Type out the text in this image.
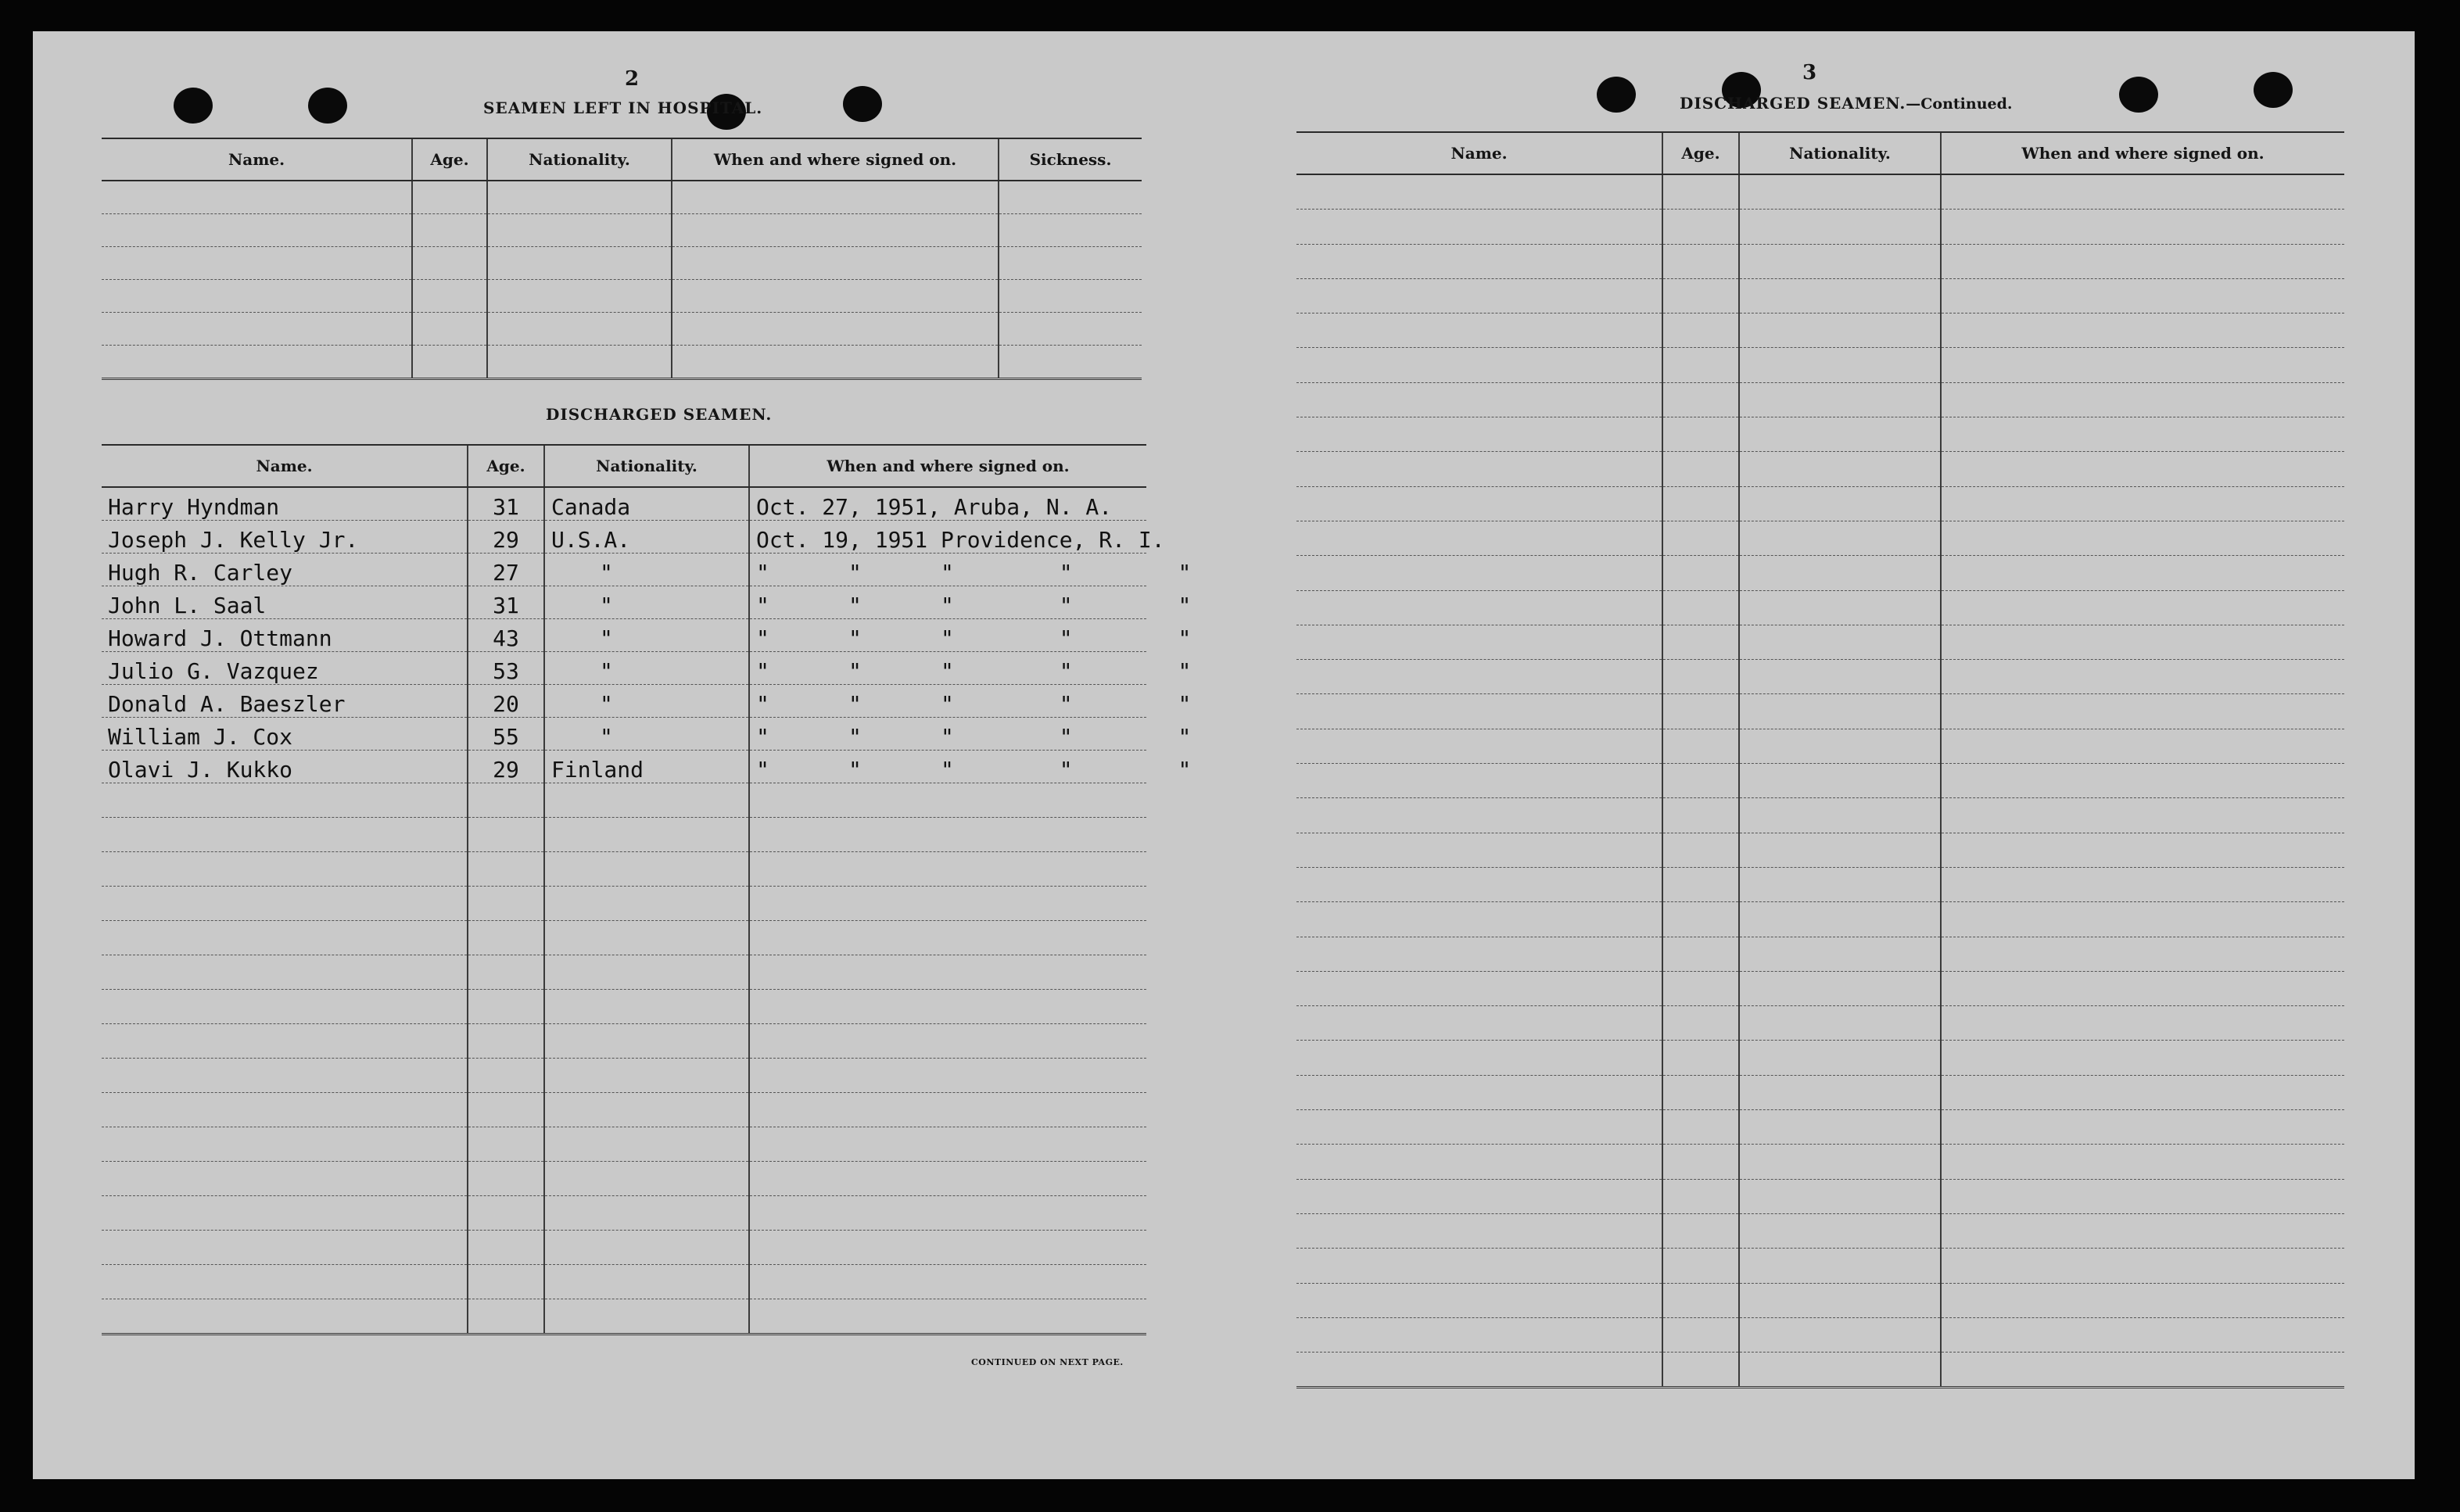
2
SEAMEN LEFT IN HOSPITAL.
Name.	Age.	Nationality.	When and where signed on.	Sickness.

DISCHARGED SEAMEN.
Name.	Age.	Nationality.	When and where signed on.
Harry Hyndman	31	Canada	Oct. 27, 1951, Aruba, N. A.
Joseph J. Kelly Jr.	29	U.S.A.	Oct. 19, 1951 Providence, R. I.
Hugh R. Carley	27	"	"      "      "        "        "
John L. Saal	31	"	"      "      "        "        "
Howard J. Ottmann	43	"	"      "      "        "        "
Julio G. Vazquez	53	"	"      "      "        "        "
Donald A. Baeszler	20	"	"      "      "        "        "
William J. Cox	55	"	"      "      "        "        "
Olavi J. Kukko	29	Finland	"      "      "        "        "

CONTINUED ON NEXT PAGE.
3
DISCHARGED SEAMEN.—Continued.
Name.	Age.	Nationality.	When and where signed on.
